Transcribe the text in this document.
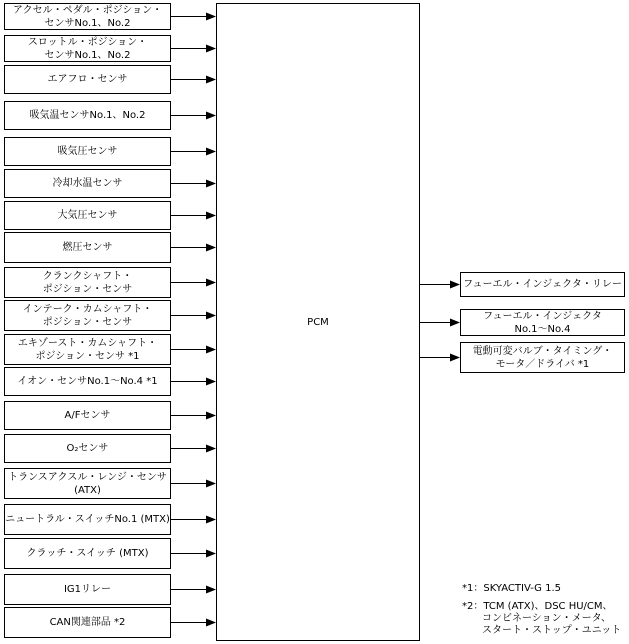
PCM
アクセル・ペダル・ポジション・
センサNo.1、No.2
スロットル・ポジション・
センサNo.1、No.2
エアフロ・センサ
吸気温センサNo.1、No.2
吸気圧センサ
冷却水温センサ
大気圧センサ
燃圧センサ
クランクシャフト・
ポジション・センサ
インテーク・カムシャフト・
ポジション・センサ
エキゾースト・カムシャフト・
ポジション・センサ *1
イオン・センサNo.1〜No.4 *1
A/Fセンサ
O₂センサ
トランスアクスル・レンジ・センサ
(ATX)
ニュートラル・スイッチNo.1 (MTX)
クラッチ・スイッチ (MTX)
IG1リレー
CAN関連部品 *2
フューエル・インジェクタ・リレー
フューエル・インジェクタ
No.1〜No.4
電動可変バルブ・タイミング・
モータ／ドライバ *1
*1：SKYACTIV-G 1.5
*2：TCM (ATX)、DSC HU/CM、
　　コンビネーション・メータ、
　　スタート・ストップ・ユニット
